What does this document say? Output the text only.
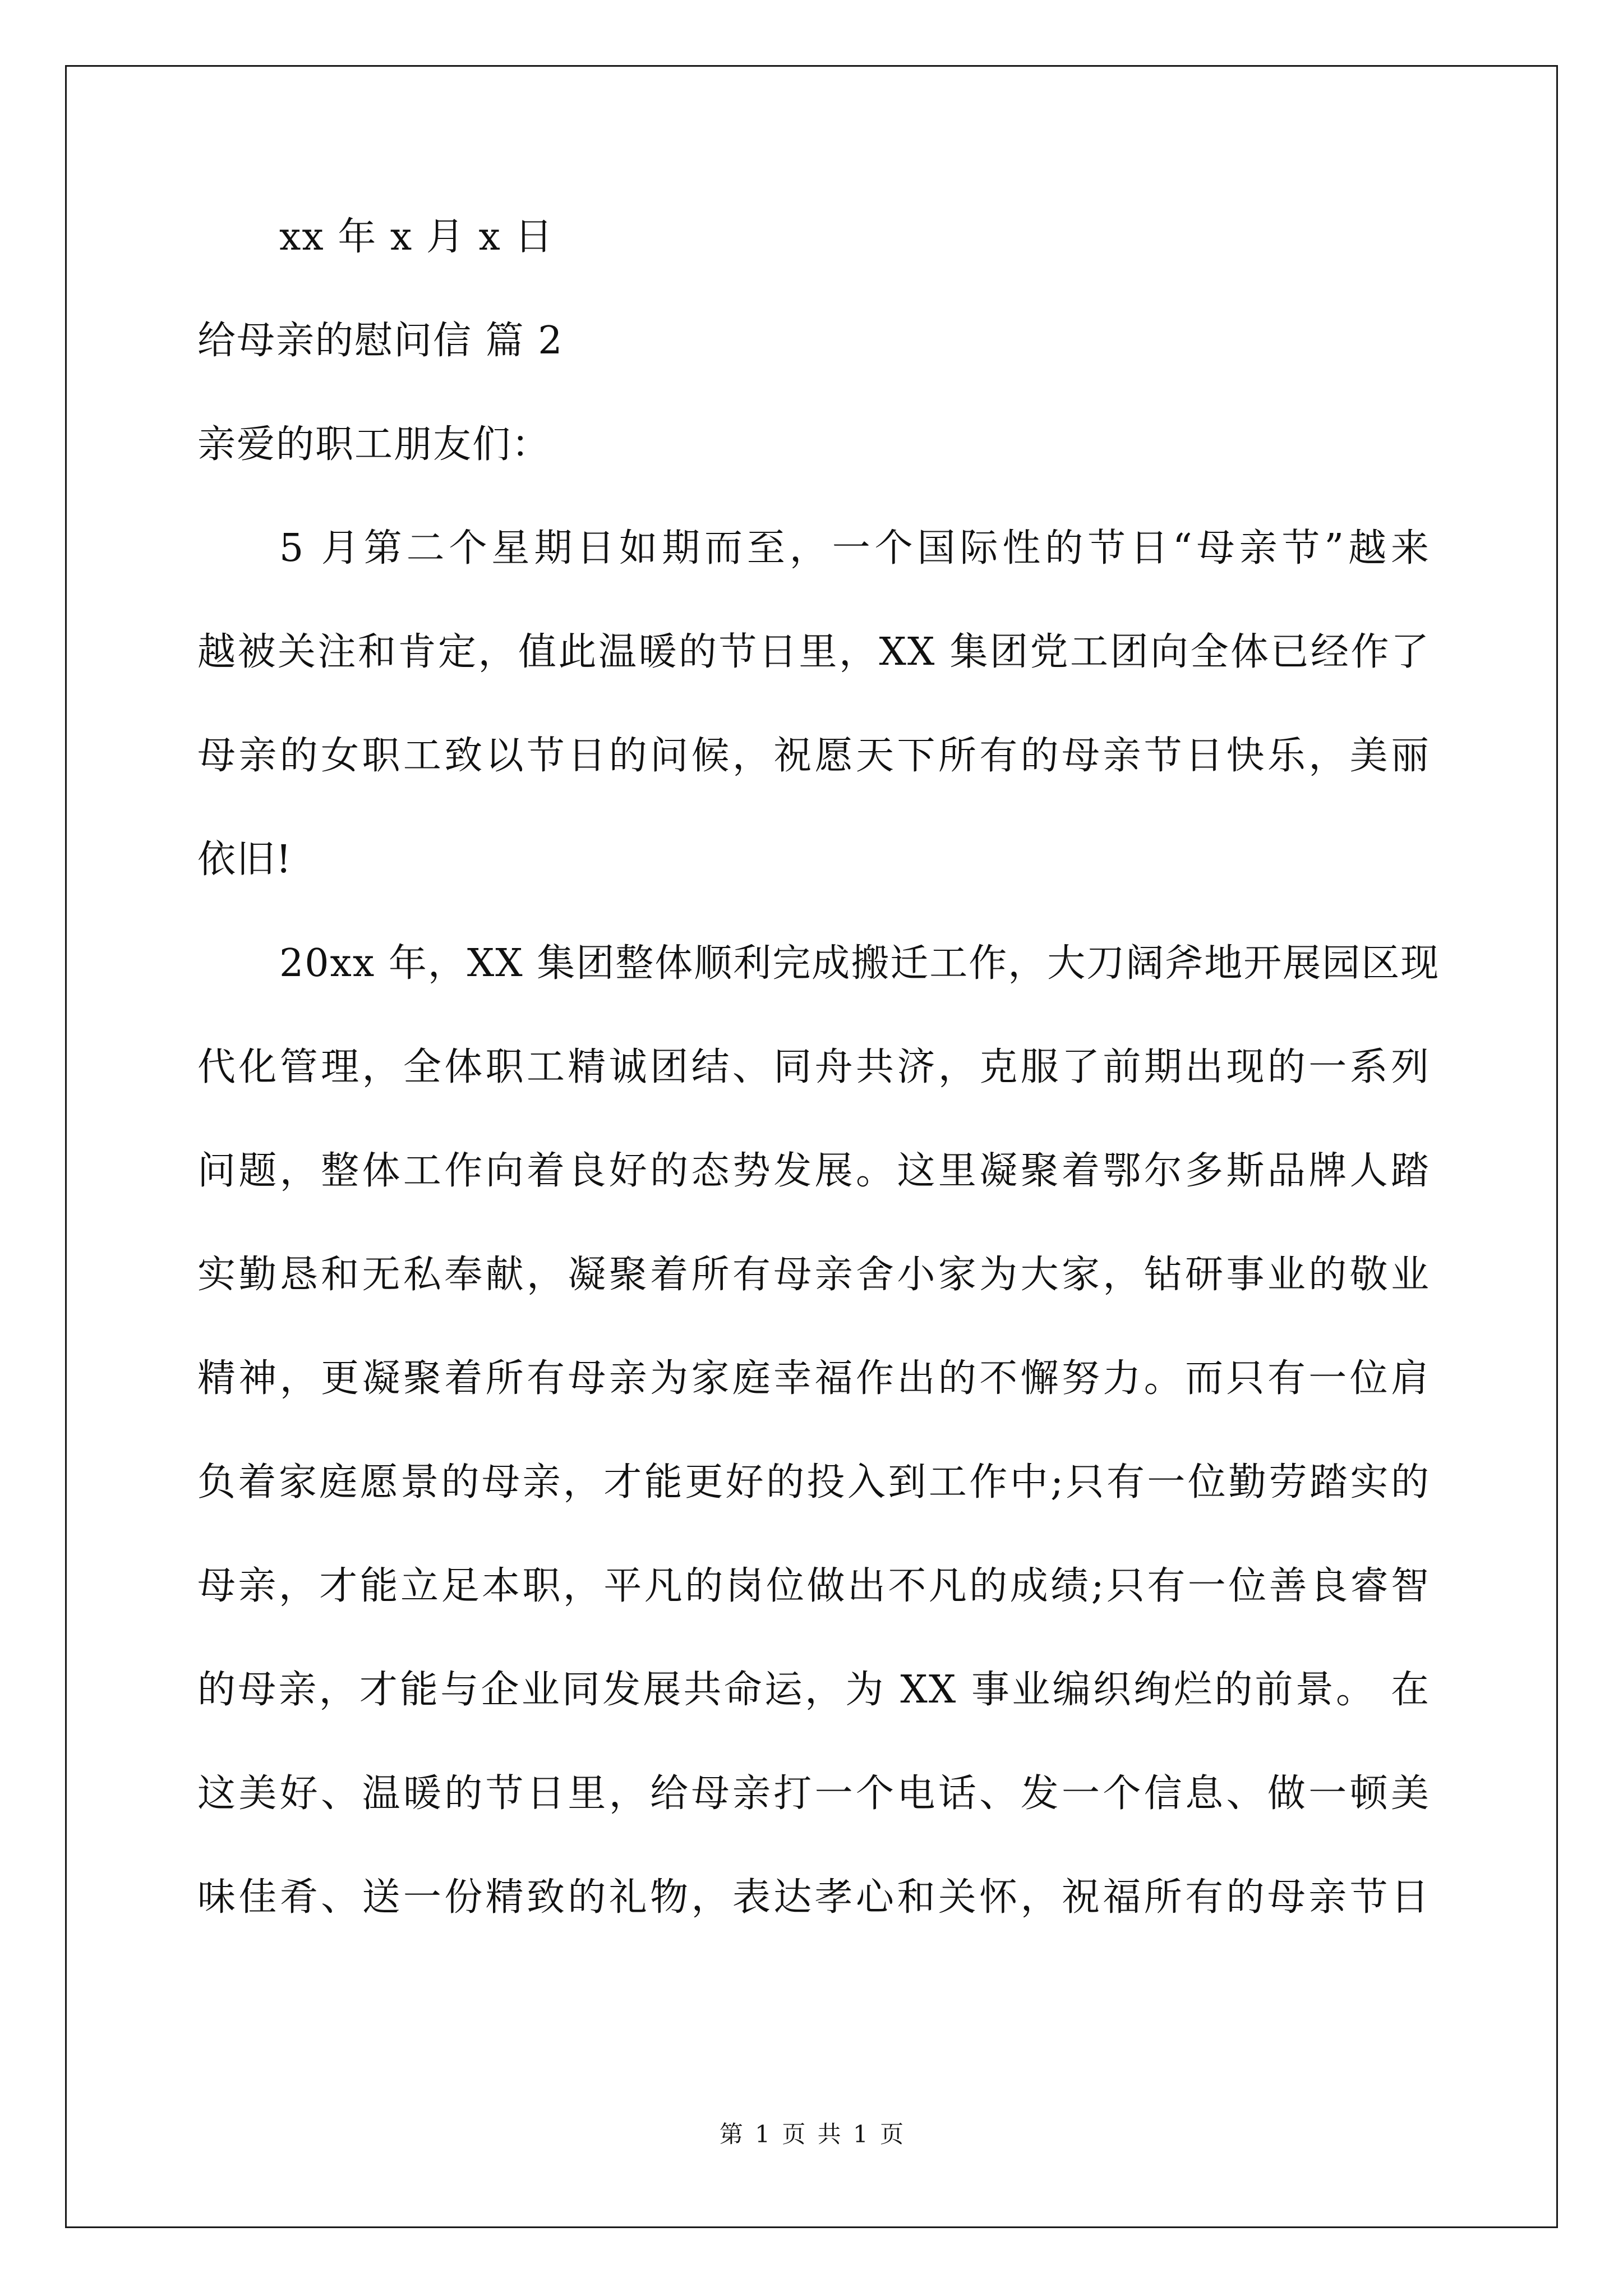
xx 年 x 月 x 日
给母亲的慰问信 篇 2
亲爱的职工朋友们：
5 月第二个星期日如期而至，一个国际性的节日“母亲节”越来
越被关注和肯定，值此温暖的节日里，XX 集团党工团向全体已经作了
母亲的女职工致以节日的问候，祝愿天下所有的母亲节日快乐，美丽
依旧!
20xx 年，XX 集团整体顺利完成搬迁工作，大刀阔斧地开展园区现
代化管理，全体职工精诚团结、同舟共济，克服了前期出现的一系列
问题，整体工作向着良好的态势发展。这里凝聚着鄂尔多斯品牌人踏
实勤恳和无私奉献，凝聚着所有母亲舍小家为大家，钻研事业的敬业
精神，更凝聚着所有母亲为家庭幸福作出的不懈努力。而只有一位肩
负着家庭愿景的母亲，才能更好的投入到工作中;只有一位勤劳踏实的
母亲，才能立足本职，平凡的岗位做出不凡的成绩;只有一位善良睿智
的母亲，才能与企业同发展共命运，为 XX 事业编织绚烂的前景。 在
这美好、温暖的节日里，给母亲打一个电话、发一个信息、做一顿美
味佳肴、送一份精致的礼物，表达孝心和关怀，祝福所有的母亲节日
第 1 页 共 1 页
